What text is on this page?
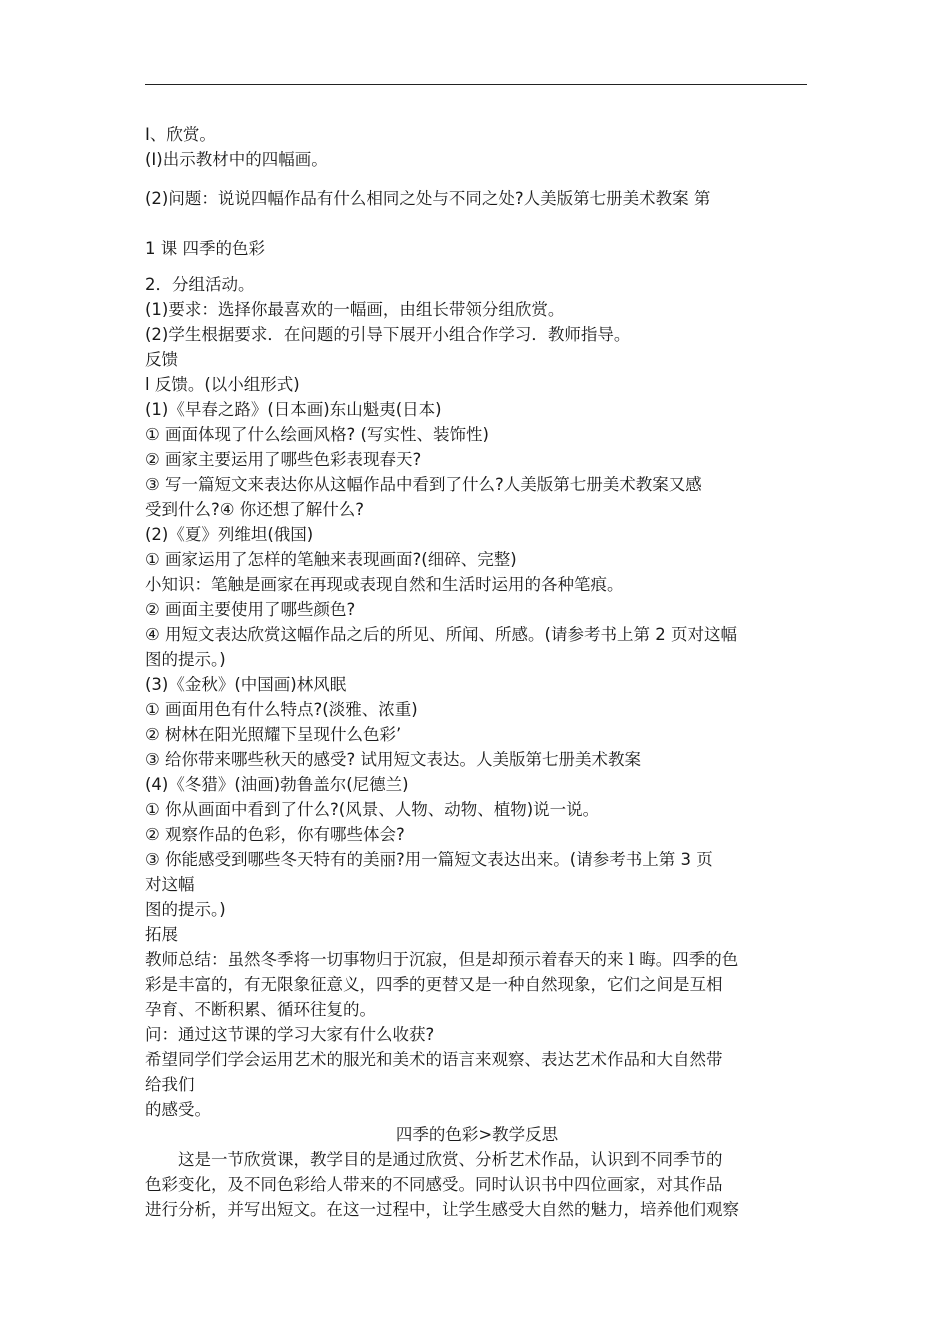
I、欣赏。
(I)出示教材中的四幅画。
(2)问题：说说四幅作品有什么相同之处与不同之处?人美版第七册美术教案 第
1 课 四季的色彩
2．分组活动。
(1)要求：选择你最喜欢的一幅画，由组长带领分组欣赏。
(2)学生根据要求．在问题的引导下展开小组合作学习．教师指导。
反馈
l 反馈。(以小组形式)
(1)《早春之路》(日本画)东山魁夷(日本)
① 画面体现了什么绘画风格? (写实性、装饰性)
② 画家主要运用了哪些色彩表现春天?
③ 写一篇短文来表达你从这幅作品中看到了什么?人美版第七册美术教案又感
受到什么?④ 你还想了解什么?
(2)《夏》列维坦(俄国)
① 画家运用了怎样的笔触来表现画面?(细碎、完整)
小知识：笔触是画家在再现或表现自然和生活时运用的各种笔痕。
② 画面主要使用了哪些颜色?
④ 用短文表达欣赏这幅作品之后的所见、所闻、所感。(请参考书上第 2 页对这幅
图的提示。)
(3)《金秋》(中国画)林风眠
① 画面用色有什么特点?(淡雅、浓重)
② 树林在阳光照耀下呈现什么色彩’
③ 给你带来哪些秋天的感受? 试用短文表达。人美版第七册美术教案
(4)《冬猎》(油画)勃鲁盖尔(尼德兰)
① 你从画面中看到了什么?(风景、人物、动物、植物)说一说。
② 观察作品的色彩，你有哪些体会?
③ 你能感受到哪些冬天特有的美丽?用一篇短文表达出来。(请参考书上第 3 页
对这幅
图的提示。)
拓展
教师总结：虽然冬季将一切事物归于沉寂，但是却预示着春天的来 l 晦。四季的色
彩是丰富的，有无限象征意义，四季的更替又是一种自然现象，它们之间是互相
孕育、不断积累、循环往复的。
问：通过这节课的学习大家有什么收获?
希望同学们学会运用艺术的服光和美术的语言来观察、表达艺术作品和大自然带
给我们
的感受。
四季的色彩>教学反思
这是一节欣赏课，教学目的是通过欣赏、分析艺术作品，认识到不同季节的
色彩变化，及不同色彩给人带来的不同感受。同时认识书中四位画家，对其作品
进行分析，并写出短文。在这一过程中，让学生感受大自然的魅力，培养他们观察
